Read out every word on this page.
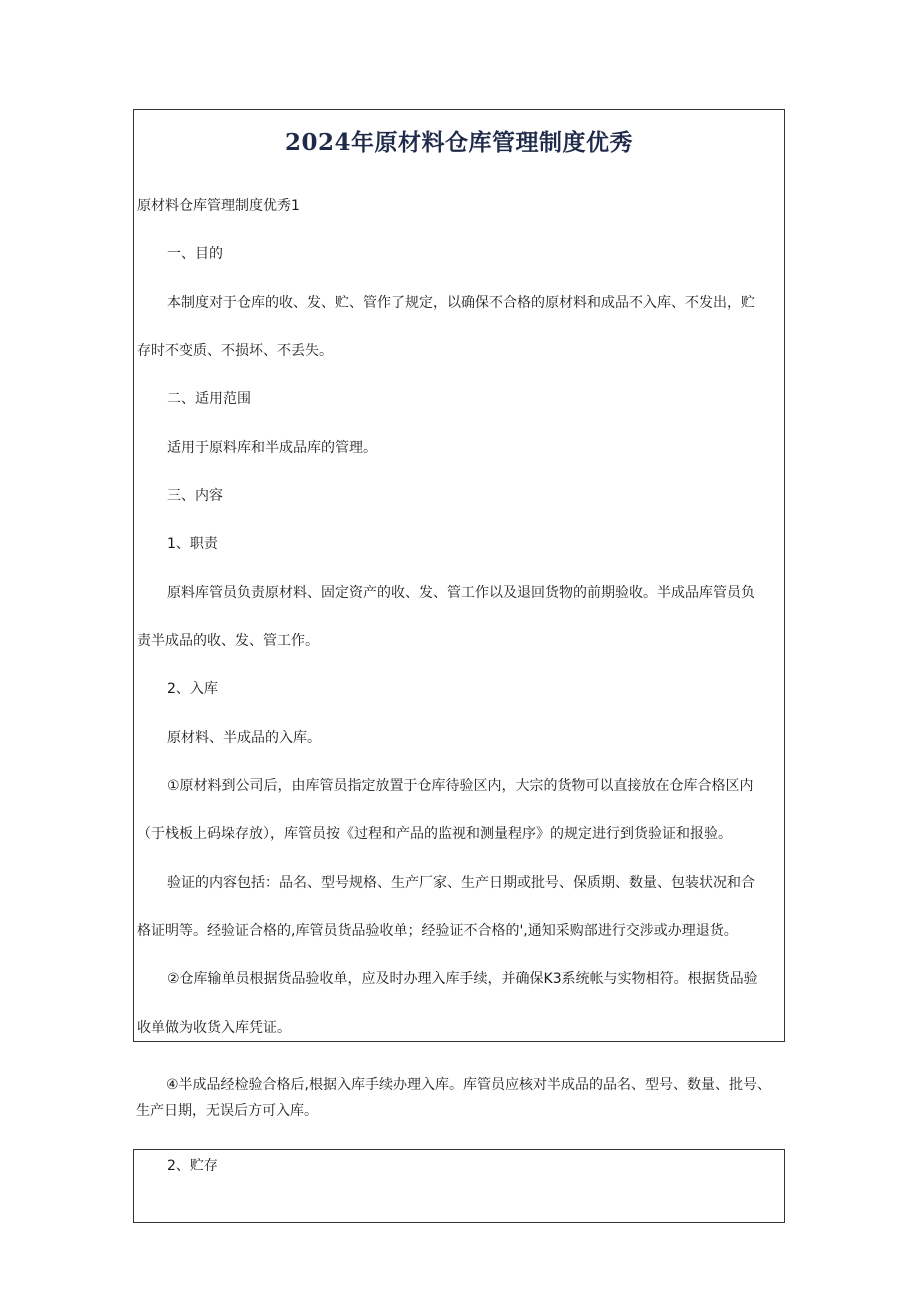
2024年原材料仓库管理制度优秀
原材料仓库管理制度优秀1
一、目的
本制度对于仓库的收、发、贮、管作了规定，以确保不合格的原材料和成品不入库、不发出，贮
存时不变质、不损坏、不丢失。
二、适用范围
适用于原料库和半成品库的管理。
三、内容
1、职责
原料库管员负责原材料、固定资产的收、发、管工作以及退回货物的前期验收。半成品库管员负
责半成品的收、发、管工作。
2、入库
原材料、半成品的入库。
①原材料到公司后，由库管员指定放置于仓库待验区内，大宗的货物可以直接放在仓库合格区内
（于栈板上码垛存放），库管员按《过程和产品的监视和测量程序》的规定进行到货验证和报验。
验证的内容包括：品名、型号规格、生产厂家、生产日期或批号、保质期、数量、包装状况和合
格证明等。经验证合格的,库管员货品验收单；经验证不合格的',通知采购部进行交涉或办理退货。
②仓库输单员根据货品验收单，应及时办理入库手续，并确保K3系统帐与实物相符。根据货品验
收单做为收货入库凭证。
④半成品经检验合格后,根据入库手续办理入库。库管员应核对半成品的品名、型号、数量、批号、
生产日期，无误后方可入库。
2、贮存
